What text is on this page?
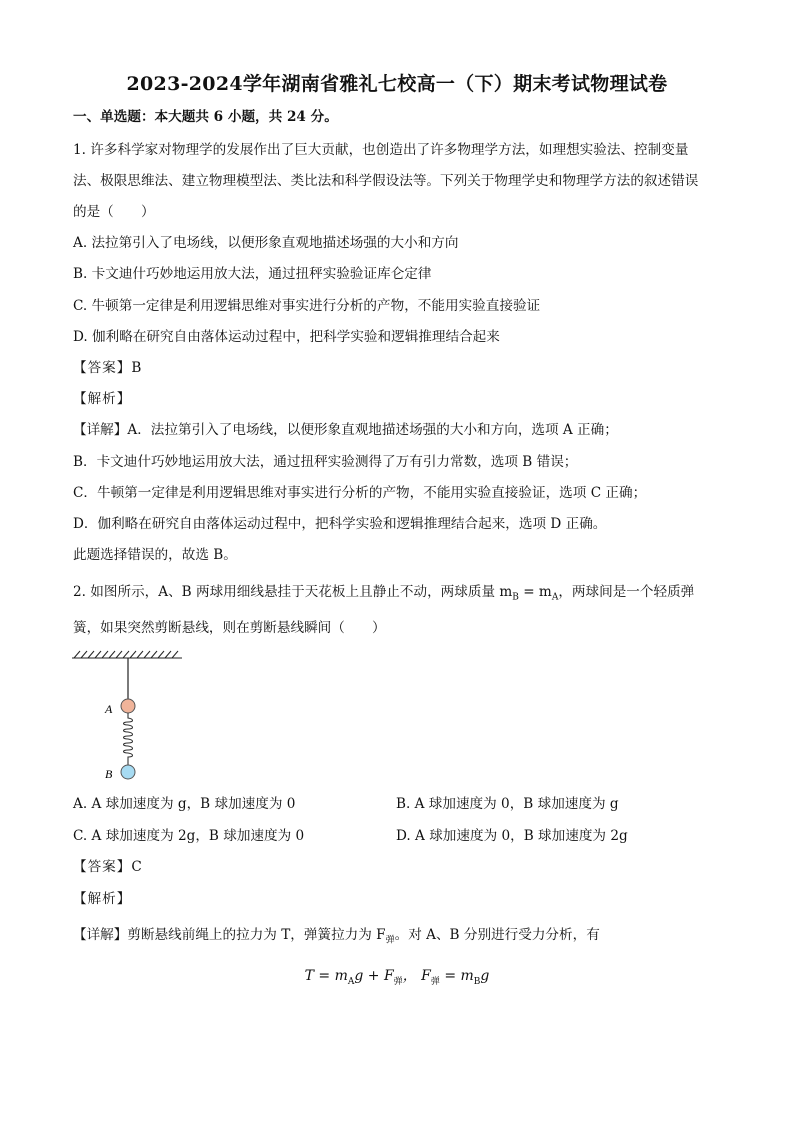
2023-2024学年湖南省雅礼七校高一（下）期末考试物理试卷
一、单选题：本大题共 6 小题，共 24 分。
1. 许多科学家对物理学的发展作出了巨大贡献，也创造出了许多物理学方法，如理想实验法、控制变量
法、极限思维法、建立物理模型法、类比法和科学假设法等。下列关于物理学史和物理学方法的叙述错误
的是（　　）
A. 法拉第引入了电场线，以便形象直观地描述场强的大小和方向
B. 卡文迪什巧妙地运用放大法，通过扭秤实验验证库仑定律
C. 牛顿第一定律是利用逻辑思维对事实进行分析的产物，不能用实验直接验证
D. 伽利略在研究自由落体运动过程中，把科学实验和逻辑推理结合起来
【答案】B
【解析】
【详解】A．法拉第引入了电场线，以便形象直观地描述场强的大小和方向，选项 A 正确；
B．卡文迪什巧妙地运用放大法，通过扭秤实验测得了万有引力常数，选项 B 错误；
C．牛顿第一定律是利用逻辑思维对事实进行分析的产物，不能用实验直接验证，选项 C 正确；
D．伽利略在研究自由落体运动过程中，把科学实验和逻辑推理结合起来，选项 D 正确。
此题选择错误的，故选 B。
2. 如图所示，A、B 两球用细线悬挂于天花板上且静止不动，两球质量 $m_B = m_A$，两球间是一个轻质弹
簧，如果突然剪断悬线，则在剪断悬线瞬间（　　）
A
B
A. A 球加速度为 g，B 球加速度为 0	B. A 球加速度为 0，B 球加速度为 g
C. A 球加速度为 2g，B 球加速度为 0	D. A 球加速度为 0，B 球加速度为 2g
【答案】C
【解析】
【详解】剪断悬线前绳上的拉力为 T，弹簧拉力为 $F_弹$。对 A、B 分别进行受力分析，有
$T = m_Ag + F_弹$， $F_弹 = m_Bg$
